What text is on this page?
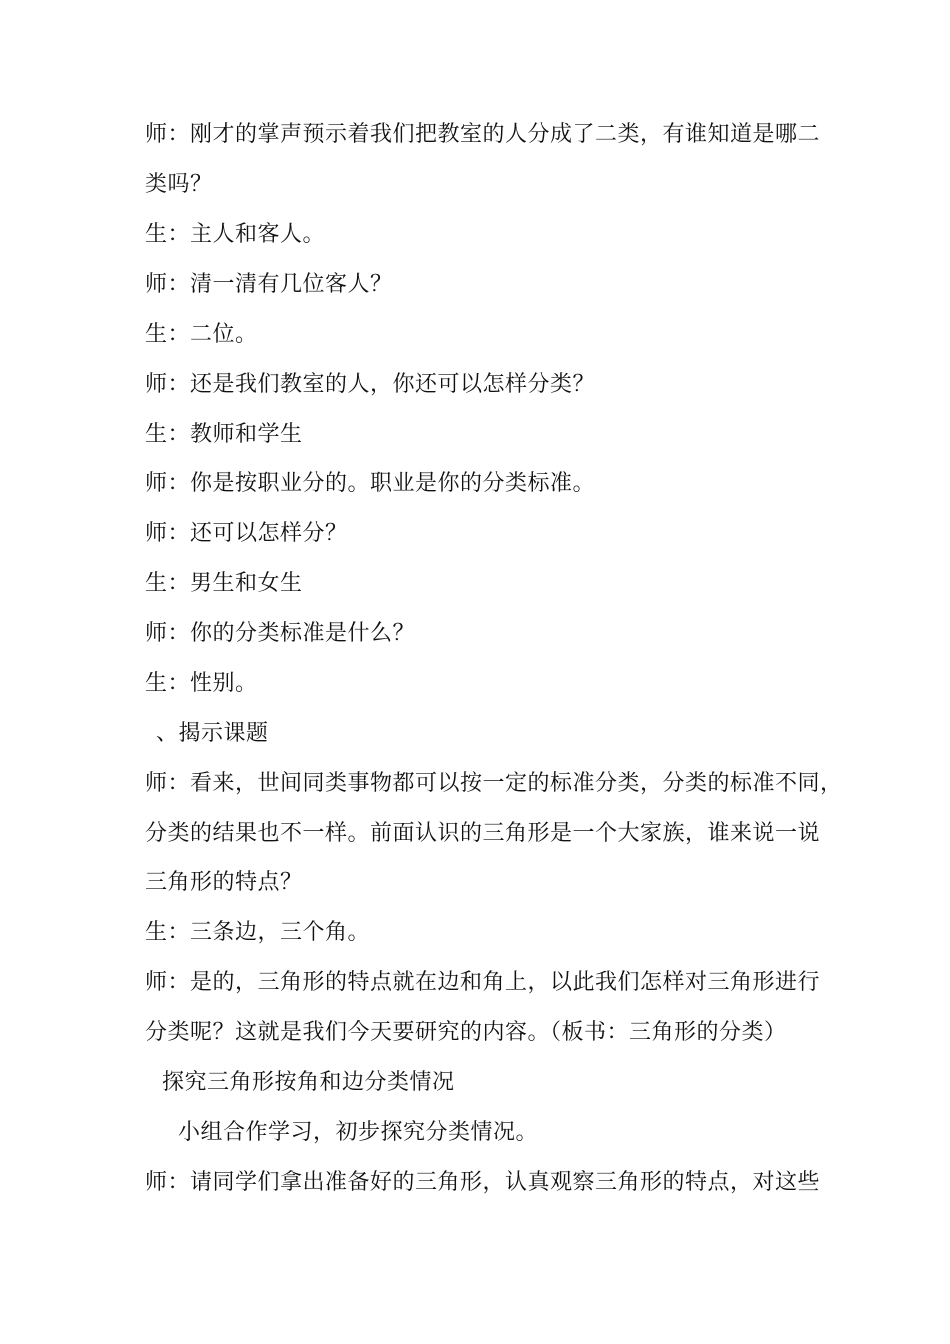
师：刚才的掌声预示着我们把教室的人分成了二类，有谁知道是哪二
类吗？
生：主人和客人。
师：清一清有几位客人？
生：二位。
师：还是我们教室的人，你还可以怎样分类？
生：教师和学生
师：你是按职业分的。职业是你的分类标准。
师：还可以怎样分？
生：男生和女生
师：你的分类标准是什么？
生：性别。
、揭示课题
师：看来，世间同类事物都可以按一定的标准分类，分类的标准不同，
分类的结果也不一样。前面认识的三角形是一个大家族，谁来说一说
三角形的特点？
生：三条边，三个角。
师：是的，三角形的特点就在边和角上，以此我们怎样对三角形进行
分类呢？这就是我们今天要研究的内容。（板书：三角形的分类）
探究三角形按角和边分类情况
小组合作学习，初步探究分类情况。
师：请同学们拿出准备好的三角形，认真观察三角形的特点，对这些
